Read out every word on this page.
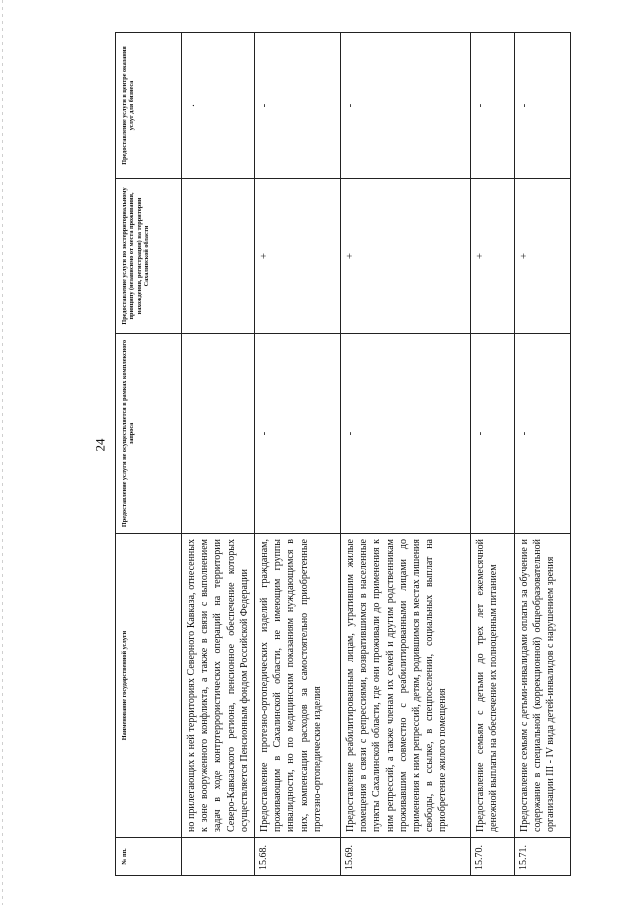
24
№ пп.	Наименование государственной услуги	Предоставление услуги не осуществляется в рамках комплексного запроса	Предоставление услуги по экстерриториальному принципу (независимо от места проживания, нахождения, регистрации) на территории Сахалинской области	Предоставление услуги в центре оказания услуг для бизнеса
	но прилегающих к ней территориях Северного Кавказа, отнесенных к зоне вооруженного конфликта, а также в связи с выполнением задач в ходе контртеррористических операций на территории Северо-Кавказского региона, пенсионное обеспечение которых осуществляется Пенсионным фондом Российской Федерации			.
15.68.	Предоставление протезно-ортопедических изделий гражданам, проживающим в Сахалинской области, не имеющим группы инвалидности, но по медицинским показаниям нуждающимся в них, компенсации расходов за самостоятельно приобретенные протезно-ортопедические изделия	-	+	-
15.69.	Предоставление реабилитированным лицам, утратившим жилые помещения в связи с репрессиями, возвратившимся в населенные пункты Сахалинской области, где они проживали до применения к ним репрессий, а также членам их семей и другим родственникам проживавшим совместно с реабилитированными лицами до применения к ним репрессий, детям, родившимся в местах лишения свободы, в ссылке, в спецпоселении, социальных выплат на приобретение жилого помещения	-	+	-
15.70.	Предоставление семьям с детьми до трех лет ежемесячной денежной выплаты на обеспечение их полноценным питанием	-	+	-
15.71.	Предоставление семьям с детьми-инвалидами оплаты за обучение и содержание в специальной (коррекционной) общеобразовательной организации III - IV вида детей-инвалидов с нарушением зрения	-	+	-
